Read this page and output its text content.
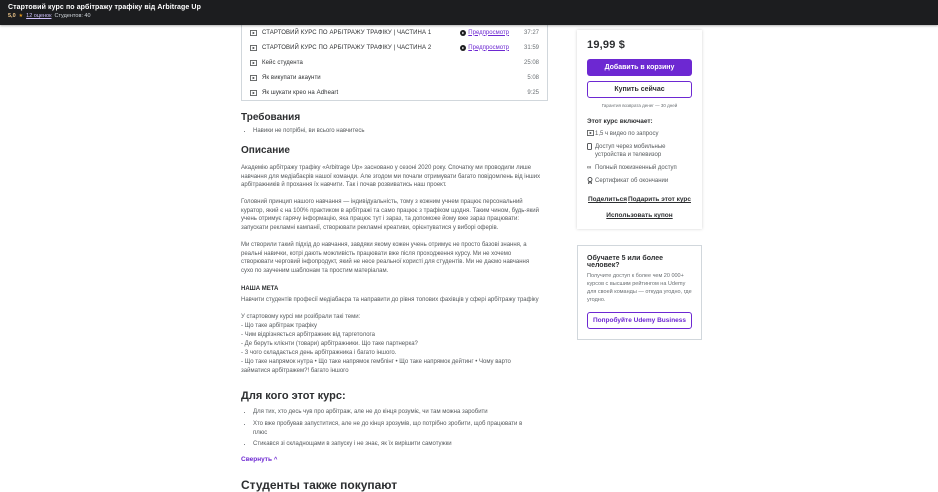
Стартовий курс по арбітражу трафіку від Arbitrage Up
5,0 ★ 12 оценок Студентов: 40
СТАРТОВИЙ КУРС ПО АРБІТРАЖУ ТРАФІКУ | ЧАСТИНА 1	Предпросмотр	37:27
СТАРТОВИЙ КУРС ПО АРБІТРАЖУ ТРАФІКУ | ЧАСТИНА 2	Предпросмотр	31:59
Кейс студента	25:08
Як викупати акаунти	5:08
Як шукати крео на Adheart	9:25
Требования
• Навики не потрібні, ви всього навчитесь
Описание

Академію арбітражу трафіку «Arbitrage Up» засновано у сезоні 2020 року. Спочатку ми проводили лише навчання для медіабаєрів нашої команди. Але згодом ми почали отримувати багато повідомлень від інших арбітражників й прохання їх навчити. Так і почав розвиватись наш проект.

Головний принцип нашого навчання — індивідуальність, тому з кожним учнем працює персональний куратор, який є на 100% практиком в арбітражі та само працює з трафіком щодня. Таким чином, будь-який учень отримує гарячу інформацію, яка працює тут і зараз, та допоможе йому вже зараз працювати: запускати рекламні кампанії, створювати рекламні креативи, орієнтуватися у виборі оферів.

Ми створили такий підхід до навчання, завдяки якому кожен учень отримує не просто базові знання, а реальні навички, котрі дають можливість працювати вже після проходження курсу. Ми не хочемо створювати черговий інфопродукт, який не несе реальної користі для студентів. Ми не даємо навчання сухо по заученим шаблонам та простим матеріалам.

НАША МЕТА

Навчити студентів професії медіабаєра та направити до рівня топових фахівців у сфері арбітражу трафіку

У стартовому курсі ми розібрали такі теми:
- Що таке арбітраж трафіку
- Чим відрізняється арбітражник від таргетолога
- Де беруть клієнти (товари) арбітражники. Що таке партнерка?
- З чого складається день арбітражника і багато іншого.
- Що таке напрямок нутра • Що таке напрямок гемблінг • Що таке напрямок дейтинг • Чому варто займатися арбітражем?! багато іншого
Для кого этот курс:
• Для тих, хто десь чув про арбітраж, але не до кінця розуміє, чи там можна заробити
• Хто вже пробував запуститися, але не до кінця зрозумів, що потрібно зробити, щоб працювати в плюс
• Стикався зі складнощами в запуску і не знає, як їх вирішити самотужки
Свернуть ^
Студенты также покупают
19,99 $
Добавить в корзину
Купить сейчас
Гарантия возврата денег — 30 дней
Этот курс включает:
1,5 ч видео по запросу
Доступ через мобильные устройства и телевизор
∞ Полный пожизненный доступ
Сертификат об окончании
Поделиться Подарить этот курс
Использовать купон
Обучаете 5 или более человек?
Получите доступ к более чем 20 000+ курсов с высшим рейтингом на Udemy для своей команды — откуда угодно, где угодно.
Попробуйте Udemy Business
